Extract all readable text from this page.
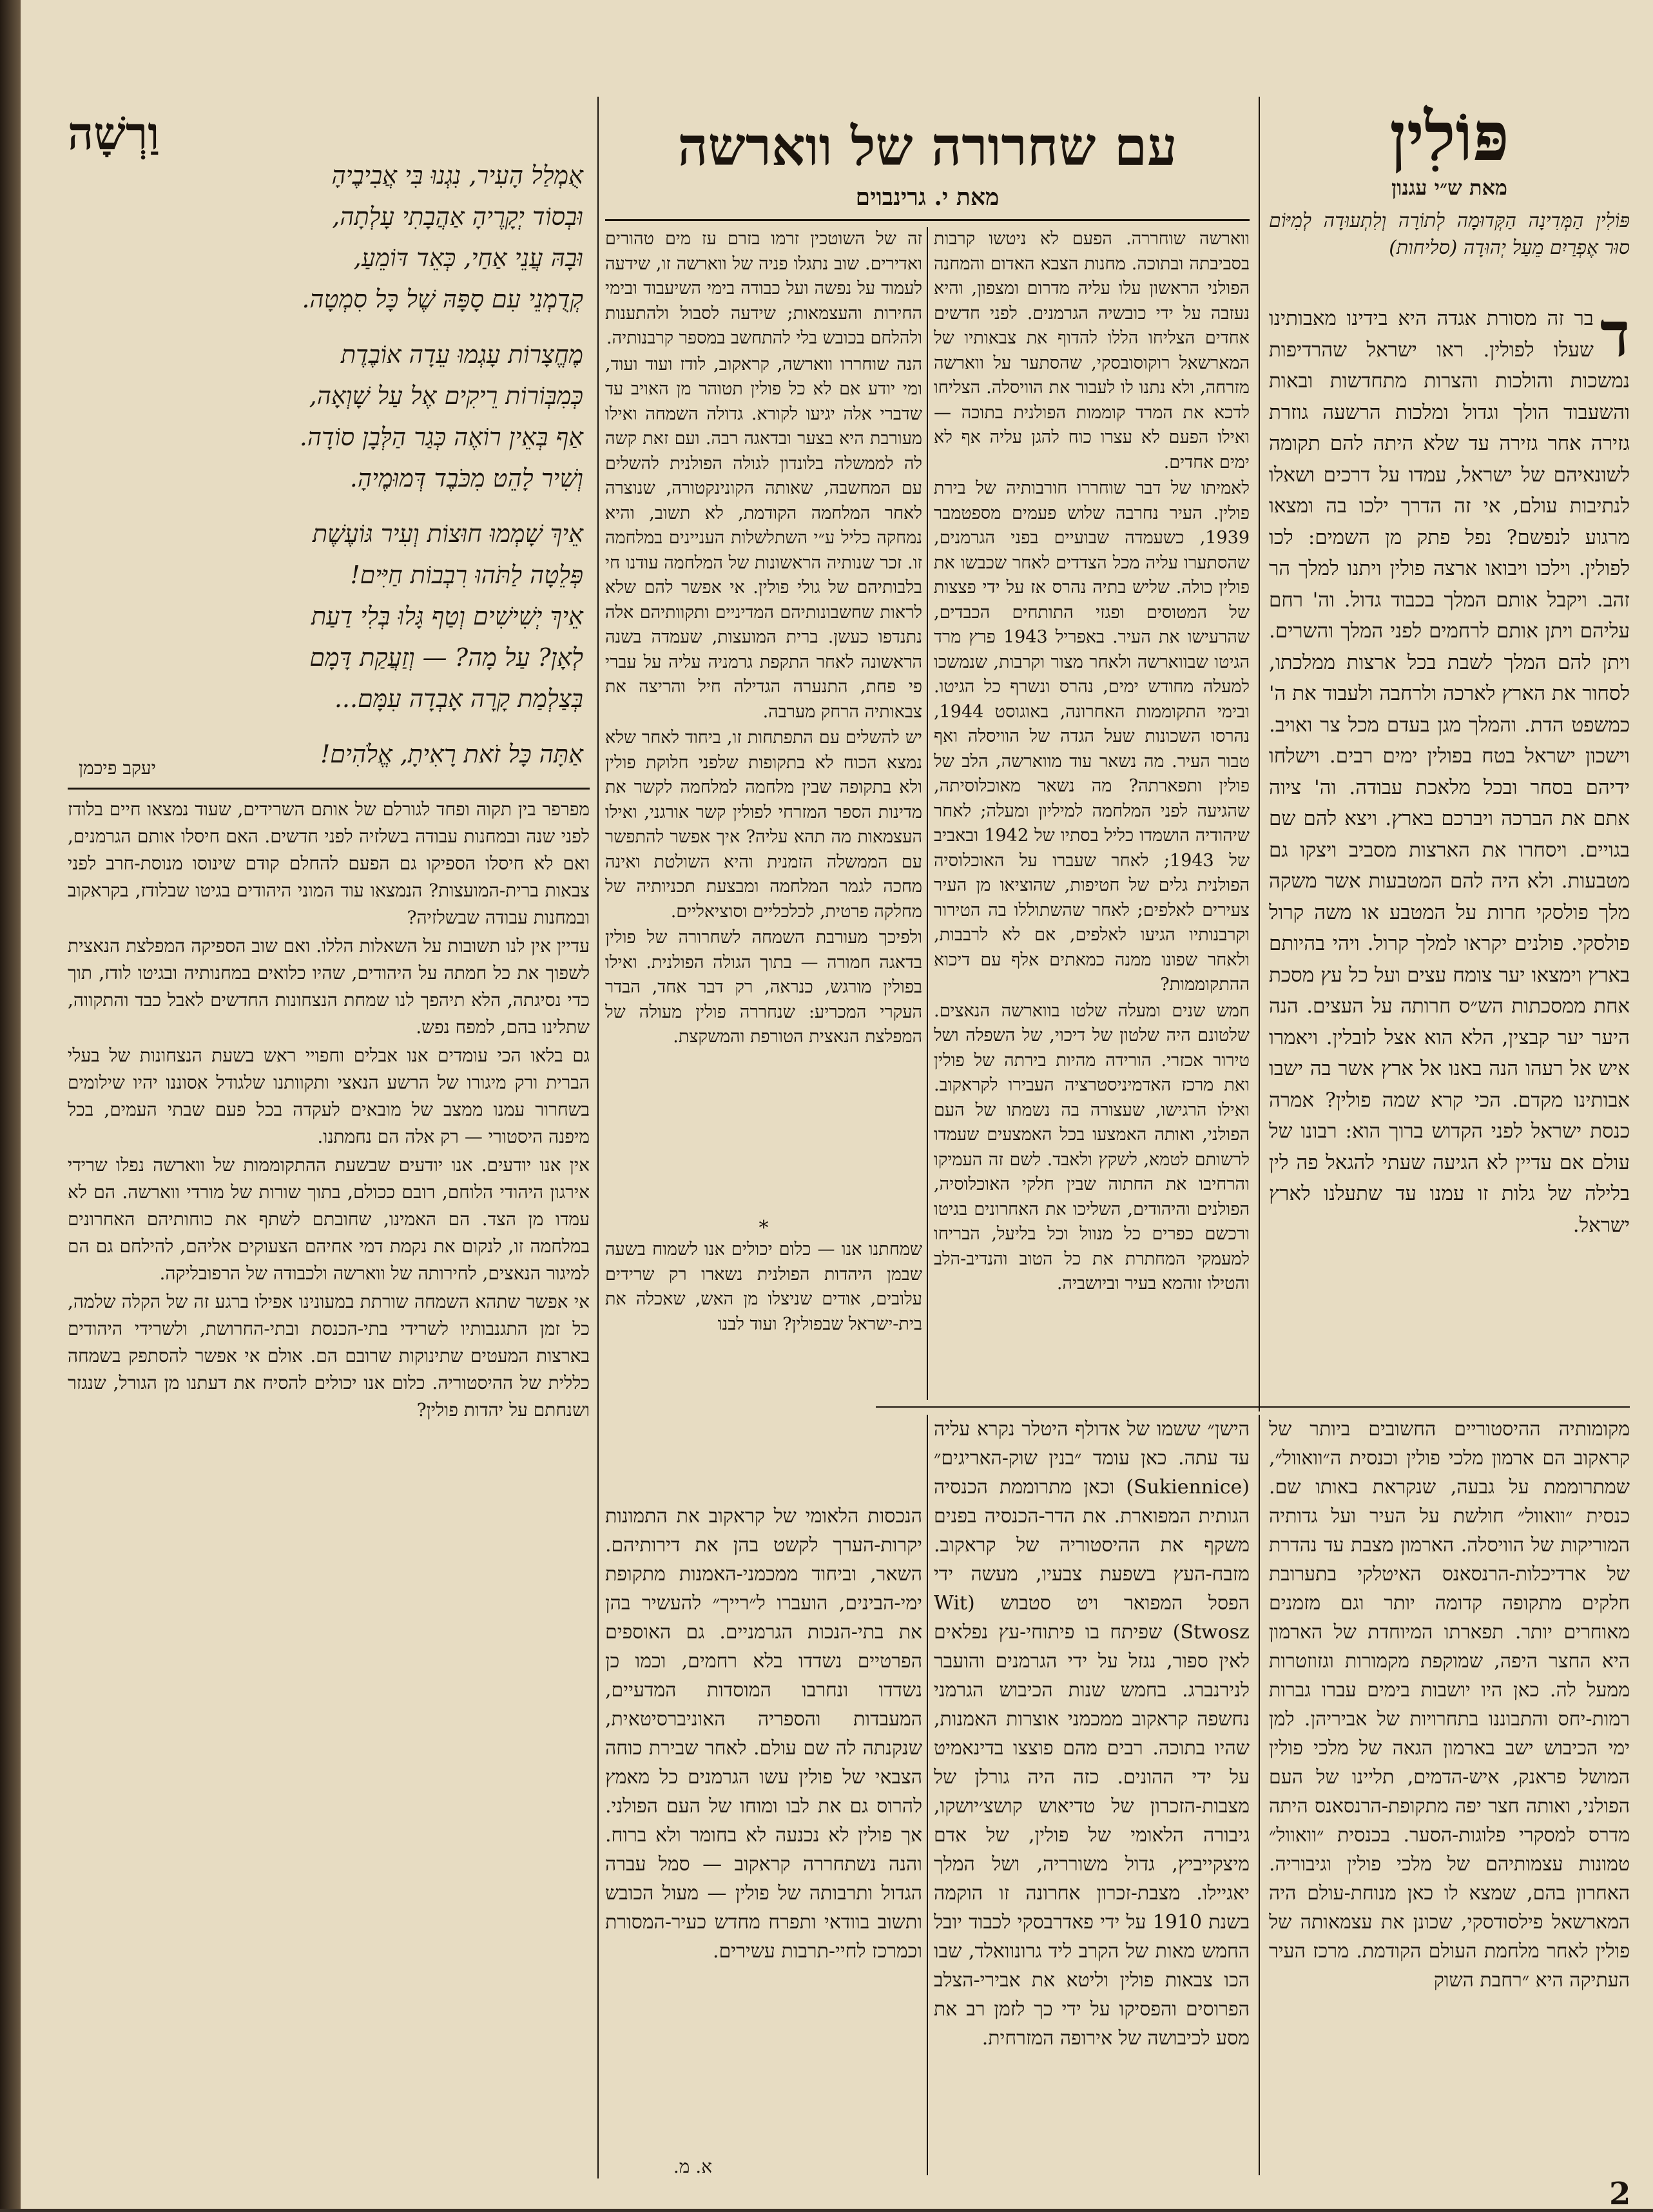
פּוֹלִין
מאת ש״י עגנון
פּוֹלִין הַמְּדִינָה הַקְּדוּמָה לְתוֹרָה וְלִתְעוּדָה לְמִיּוֹם סוּר אֶפְרַיִם מֵעַל יְהוּדָה (סליחות)
ד
בר זה מסורת אגדה היא בידינו מאבותינו שעלו לפולין. ראו ישראל שהרדיפות נמשכות והולכות והצרות מתחדשות ובאות והשעבוד הולך וגדול ומלכות הרשעה גוזרת גזירה אחר גזירה עד שלא היתה להם תקומה לשונאיהם של ישראל, עמדו על דרכים ושאלו לנתיבות עולם, אי זה הדרך ילכו בה ומצאו מרגוע לנפשם? נפל פתק מן השמים: לכו לפולין. וילכו ויבואו ארצה פולין ויתנו למלך הר זהב. ויקבל אותם המלך בכבוד גדול. וה' רחם עליהם ויתן אותם לרחמים לפני המלך והשרים. ויתן להם המלך לשבת בכל ארצות ממלכתו, לסחור את הארץ לארכה ולרחבה ולעבוד את ה' כמשפט הדת. והמלך מגן בעדם מכל צר ואויב. וישכון ישראל בטח בפולין ימים רבים. וישלחו ידיהם בסחר ובכל מלאכת עבודה. וה' ציוה אתם את הברכה ויברכם בארץ. ויצא להם שם בגויים. ויסחרו את הארצות מסביב ויצקו גם מטבעות. ולא היה להם המטבעות אשר משקה מלך פולסקי חרות על המטבע או משה קרול פולסקי. פולנים יקראו למלך קרול. ויהי בהיותם בארץ וימצאו יער צומח עצים ועל כל עץ מסכת אחת ממסכתות הש״ס חרותה על העצים. הנה היער יער קבצין, הלא הוא אצל לובלין. ויאמרו איש אל רעהו הנה באנו אל ארץ אשר בה ישבו אבותינו מקדם. הכי קרא שמה פולין? אמרה כנסת ישראל לפני הקדוש ברוך הוא: רבונו של עולם אם עדיין לא הגיעה שעתי להגאל פה לין בלילה של גלות זו עמנו עד שתעלנו לארץ ישראל.
עם שחרורה של ווארשה
מאת י. גרינבוים

ווארשה שוחררה. הפעם לא ניטשו קרבות בסביבתה ובתוכה. מחנות הצבא האדום והמחנה הפולני הראשון עלו עליה מדרום ומצפון, והיא נעזבה על ידי כובשיה הגרמנים. לפני חדשים אחדים הצליחו הללו להדוף את צבאותיו של המארשאל רוקוסובסקי, שהסתער על ווארשה מזרחה, ולא נתנו לו לעבור את הוויסלה. הצליחו לדכא את המרד קוממות הפולנית בתוכה — ואילו הפעם לא עצרו כוח להגן עליה אף לא ימים אחדים.

לאמיתו של דבר שוחררו חורבותיה של בירת פולין. העיר נחרבה שלוש פעמים מספטמבר 1939, כשעמדה שבועיים בפני הגרמנים, שהסתערו עליה מכל הצדדים לאחר שכבשו את פולין כולה. שליש בתיה נהרס אז על ידי פצצות של המטוסים ופגזי התותחים הכבדים, שהרעישו את העיר. באפריל 1943 פרץ מרד הגיטו שבווארשה ולאחר מצור וקרבות, שנמשכו למעלה מחודש ימים, נהרס ונשרף כל הגיטו. ובימי התקוממות האחרונה, באוגוסט 1944, נהרסו השכונות שעל הגדה של הוויסלה ואף טבור העיר. מה נשאר עוד מווארשה, הלב של פולין ותפארתה? מה נשאר מאוכלוסיתה, שהגיעה לפני המלחמה למיליון ומעלה; לאחר שיהודיה הושמדו כליל בסתיו של 1942 ובאביב של 1943; לאחר שעברו על האוכלוסיה הפולנית גלים של חטיפות, שהוציאו מן העיר צעירים לאלפים; לאחר שהשתוללו בה הטירור וקרבנותיו הגיעו לאלפים, אם לא לרבבות, ולאחר שפונו ממנה כמאתים אלף עם דיכוא ההתקוממות?

חמש שנים ומעלה שלטו בווארשה הנאצים. שלטונם היה שלטון של דיכוי, של השפלה ושל טירור אכזרי. הורידה מהיות בירתה של פולין ואת מרכז האדמיניסטרציה העבירו לקראקוב. ואילו הרגישו, שעצורה בה נשמתו של העם הפולני, ואותה האמצעו בכל האמצעים שעמדו לרשותם לטמא, לשקץ ולאבד. לשם זה העמיקו והרחיבו את החתוה שבין חלקי האוכלוסיה, הפולנים והיהודים, השליכו את האחרונים בגיטו ורכשם כפרים כל מנוול וכל בליעל, הבריחו למעמקי המחתרת את כל הטוב והנדיב-הלב והטילו זוהמא בעיר וביושביה.

זה של השוטכין זרמו בזרם עז מים טהורים ואדירים. שוב נתגלו פניה של ווארשה זו, שידעה לעמוד על נפשה ועל כבודה בימי השיעבוד ובימי החירות והעצמאות; שידעה לסבול ולהתענות ולהלחם בכובש בלי להתחשב במספר קרבנותיה.

הנה שוחררו ווארשה, קראקוב, לודז ועוד ועוד, ומי יודע אם לא כל פולין תטוהר מן האויב עד שדברי אלה יגיעו לקורא. גדולה השמחה ואילו מעורבת היא בצער ובדאגה רבה. ועם זאת קשה לה לממשלה בלונדון לגולה הפולנית להשלים עם המחשבה, שאותה הקונינקטורה, שנוצרה לאחר המלחמה הקודמת, לא תשוב, והיא נמחקה כליל ע״י השתלשלות העניינים במלחמה זו. זכר שנותיה הראשונות של המלחמה עודנו חי בלבותיהם של גולי פולין. אי אפשר להם שלא לראות שחשבונותיהם המדיניים ותקוותיהם אלה נתנדפו כעשן. ברית המועצות, שעמדה בשנה הראשונה לאחר התקפת גרמניה עליה על עברי פי פחת, התנערה הגדילה חיל והריצה את צבאותיה הרחק מערבה.

יש להשלים עם התפתחות זו, ביחוד לאחר שלא נמצא הכוח לא בתקופות שלפני חלוקת פולין ולא בתקופה שבין מלחמה למלחמה לקשר את מדינות הספר המזרחי לפולין קשר אורגני, ואילו העצמאות מה תהא עליה? איך אפשר להתפשר עם הממשלה הזמנית והיא השולטת ואינה מחכה לגמר המלחמה ומבצעת תכניותיה של מחלקה פרטית, לכלכליים וסוציאליים.

ולפיכך מעורבת השמחה לשחרורה של פולין בדאגה חמורה — בתוך הגולה הפולנית. ואילו בפולין מורגש, כנראה, רק דבר אחד, הבדר העקרי המכריע: שנחררה פולין מעולה של המפלצת הנאצית הטורפת והמשקצת.

*

שמחתנו אנו — כלום יכולים אנו לשמוח בשעה שבמן היהדות הפולנית נשארו רק שרידים עלובים, אודים שניצלו מן האש, שאכלה את בית-ישראל שבפולין? ועוד לבנו

מקומותיה ההיסטוריים החשובים ביותר של קראקוב הם ארמון מלכי פולין וכנסית ה״וואוול״, שמתרוממת על גבעה, שנקראת באותו שם. כנסית ״וואוול״ חולשת על העיר ועל גדותיה המוריקות של הוויסלה. הארמון מצבת עד נהדרת של ארדיכלות-הרנסאנס האיטלקי בתערובת חלקים מתקופה קדומה יותר וגם מזמנים מאוחרים יותר. תפארתו המיוחדת של הארמון היא החצר היפה, שמוקפת מקמורות וגזוזטרות ממעל לה. כאן היו יושבות בימים עברו גברות רמות-יחס והתבוננו בתחרויות של אביריהן. למן ימי הכיבוש ישב בארמון הגאה של מלכי פולין המושל פראנק, איש-הדמים, תליינו של העם הפולני, ואותה חצר יפה מתקופת-הרנסאנס היתה מדרס למסקרי פלוגות-הסער. בכנסית ״וואוול״ טמונות עצמותיהם של מלכי פולין וגיבוריה. האחרון בהם, שמצא לו כאן מנוחת-עולם היה המארשאל פילסודסקי, שכונן את עצמאותה של פולין לאחר מלחמת העולם הקודמת. מרכז העיר העתיקה היא ״רחבת השוק
הישן״ ששמו של אדולף היטלר נקרא עליה עד עתה. כאן עומד ״בנין שוק-האריגים״ (Sukiennice) וכאן מתרוממת הכנסיה הגותית המפוארת. את הדר-הכנסיה בפנים משקף את ההיסטוריה של קראקוב. מזבח-העץ בשפעת צבעיו, מעשה ידי הפסל המפואר ויט סטבוש (Wit Stwosz) שפיתח בו פיתוחי-עץ נפלאים לאין ספור, נגזל על ידי הגרמנים והועבר לנירנברג. בחמש שנות הכיבוש הגרמני נחשפה קראקוב ממכמני אוצרות האמנות, שהיו בתוכה. רבים מהם פוצצו בדינאמיט על ידי ההונים. כזה היה גורלן של מצבות-הזכרון של טדיאוש קושצ׳יושקו, גיבורה הלאומי של פולין, של אדם מיצקייביץ, גדול משורריה, ושל המלך יאגיילו. מצבת-זכרון אחרונה זו הוקמה בשנת 1910 על ידי פאדרבסקי לכבוד יובל החמש מאות של הקרב ליד גרונוואלד, שבו הכו צבאות פולין וליטא את אבירי-הצלב הפרוסים והפסיקו על ידי כך לזמן רב את מסע לכיבושה של אירופה המזרחית.
הנכסות הלאומי של קראקוב את התמונות יקרות-הערך לקשט בהן את דירותיהם. השאר, וביחוד ממכמני-האמנות מתקופת ימי-הבינים, הועברו ל״רייך״ להעשיר בהן את בתי-הנכות הגרמניים. גם האוספים הפרטיים נשדדו בלא רחמים, וכמו כן נשדדו ונחרבו המוסדות המדעיים, המעבדות והספריה האוניברסיטאית, שנקנתה לה שם עולם. לאחר שבירת כוחה הצבאי של פולין עשו הגרמנים כל מאמץ להרוס גם את לבו ומוחו של העם הפולני. אך פולין לא נכנעה לא בחומר ולא ברוח. והנה נשתחררה קראקוב — סמל עברה הגדול ותרבותה של פולין — מעול הכובש ותשוב בוודאי ותפרח מחדש כעיר-המסורת וכמרכז לחיי-תרבות עשירים.
א. מ.
וַרְשָׁה
אֻמְלַל הָעִיר, נִגְנוּ בִּי אֲבִיבֶיהָ
וּבְסוֹד יְקָרֶיהָ אַהֲבָתִי עָלְתָה,
וּבָהּ עֲנֵי אַחַי, כְּאֵד דּוֹמֵעַ,
קְדֻמְנֵי עִם סָפָּהּ שֶׁל כָּל סִמְטָה.
מֶחֱצָרוֹת עָגְמוּ עֵדָה אוֹבֶדֶת
כְּמִבְּוֹרוֹת רֵיקִים אֶל עַל שָׁוְאָה,
אַף בְּאֵין רוֹאֶה כְּגַר הַלְּבָן סוֹדָה.
וְשִׁיר לָהֵט מִכֹּבֶד דְּמוּמֶיהָ.
אֵיךְ שָׁמְמוּ חוּצוֹת וְעִיר גּוֹעֶשֶׁת
פְּלֵטָה לַתֹּהוּ רִבְבוֹת חַיִּים!
אֵיךְ יְשִׁישִׁים וְטַף גָּלוּ בְּלִי דַעַת
לְאָן? עַל מָה? — וְזַעֲקַת דָּמָם
בְּצַלְמַת קָרָה אָבְדָה עִמָּם...
אַתָּה כָּל זֹאת רָאִיתָ, אֱלֹהִים!
יעקב פיכמן

מפרפר בין תקוה ופחד לגורלם של אותם השרידים, שעוד נמצאו חיים בלודז לפני שנה ובמחנות עבודה בשלזיה לפני חדשים. האם חיסלו אותם הגרמנים, ואם לא חיסלו הספיקו גם הפעם להחלם קודם שינוסו מנוסת-חרב לפני צבאות ברית-המועצות? הנמצאו עוד המוני היהודים בגיטו שבלודז, בקראקוב ובמחנות עבודה שבשלזיה?

עדיין אין לנו תשובות על השאלות הללו. ואם שוב הספיקה המפלצת הנאצית לשפוך את כל חמתה על היהודים, שהיו כלואים במחנותיה ובגיטו לודז, תוך כדי נסיגתה, הלא תיהפך לנו שמחת הנצחונות החדשים לאבל כבד והתקווה, שתלינו בהם, למפח נפש.

גם בלאו הכי עומדים אנו אבלים וחפויי ראש בשעת הנצחונות של בעלי הברית ורק מיגורו של הרשע הנאצי ותקוותנו שלגודל אסוננו יהיו שילומים בשחרור עמנו ממצב של מובאים לעקדה בכל פעם שבתי העמים, בכל מיפנה היסטורי — רק אלה הם נחמתנו.

אין אנו יודעים. אנו יודעים שבשעת ההתקוממות של ווארשה נפלו שרידי אירגון היהודי הלוחם, רובם ככולם, בתוך שורות של מורדי ווארשה. הם לא עמדו מן הצד. הם האמינו, שחובתם לשתף את כוחותיהם האחרונים במלחמה זו, לנקום את נקמת דמי אחיהם הצעוקים אליהם, להילחם גם הם למיגור הנאצים, לחירותה של ווארשה ולכבודה של הרפובליקה.

אי אפשר שתהא השמחה שורתת במעונינו אפילו ברגע זה של הקלה שלמה, כל זמן התגנבותיו לשרידי בתי-הכנסת ובתי-החרושת, ולשרידי היהודים בארצות המעטים שתינוקות שרובם הם. אולם אי אפשר להסתפק בשמחה כללית של ההיסטוריה. כלום אנו יכולים להסיח את דעתנו מן הגורל, שנגזר ושנחתם על יהדות פולין?

2
